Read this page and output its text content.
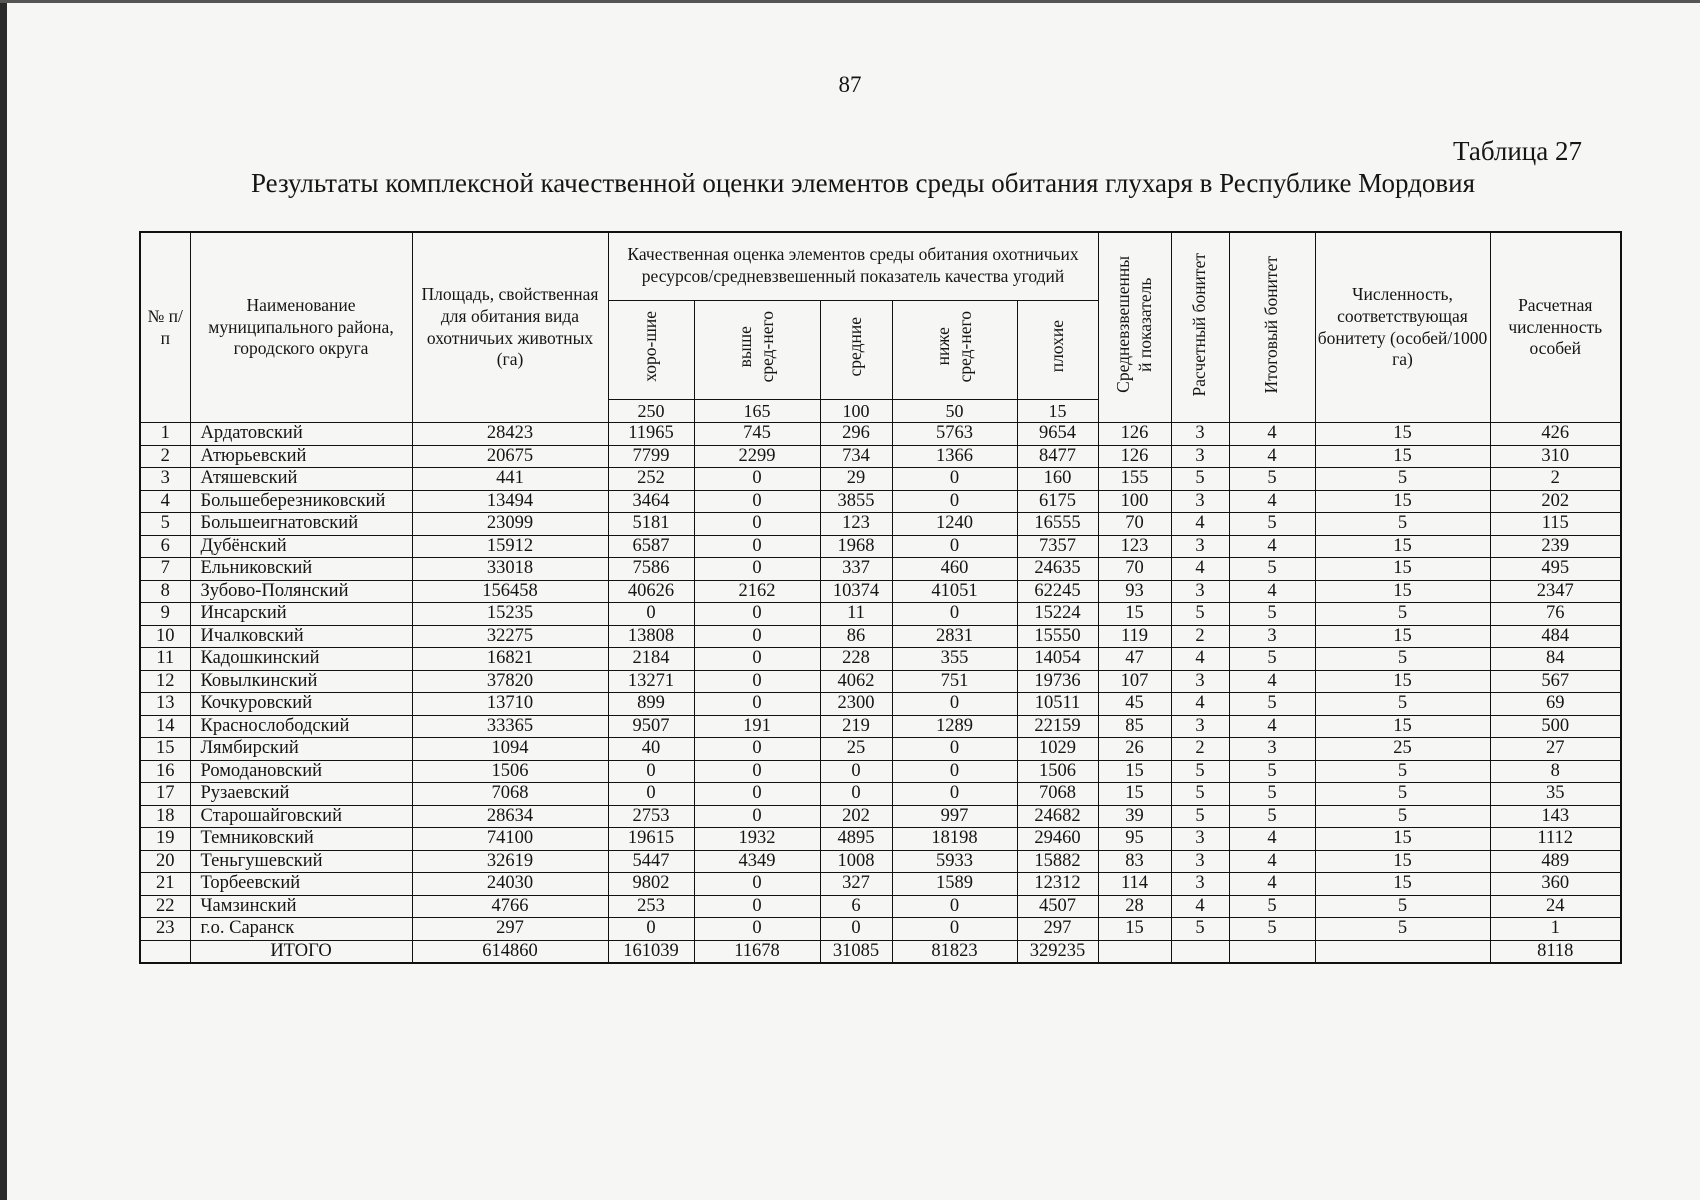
87
Таблица 27
Результаты комплексной качественной оценки элементов среды обитания глухаря в Республике Мордовия
№ п/п	Наименование муниципального района, городского округа	Площадь, свойственная для обитания вида охотничьих животных (га)	Качественная оценка элементов среды обитания охотничьих ресурсов/средневзвешенный показатель качества угодий					Средневзвешенны й показатель	Расчетный бонитет	Итоговый бонитет	Численность, соответствующая бонитету (особей/1000 га)	Расчетная численность особей
			хоро-шие	выше сред-него	средние	ниже сред-него	плохие					
			250	165	100	50	15					
1	Ардатовский	28423	11965	745	296	5763	9654	126	3	4	15	426
2	Атюрьевский	20675	7799	2299	734	1366	8477	126	3	4	15	310
3	Атяшевский	441	252	0	29	0	160	155	5	5	5	2
4	Большеберезниковский	13494	3464	0	3855	0	6175	100	3	4	15	202
5	Большеигнатовский	23099	5181	0	123	1240	16555	70	4	5	5	115
6	Дубёнский	15912	6587	0	1968	0	7357	123	3	4	15	239
7	Ельниковский	33018	7586	0	337	460	24635	70	4	5	15	495
8	Зубово-Полянский	156458	40626	2162	10374	41051	62245	93	3	4	15	2347
9	Инсарский	15235	0	0	11	0	15224	15	5	5	5	76
10	Ичалковский	32275	13808	0	86	2831	15550	119	2	3	15	484
11	Кадошкинский	16821	2184	0	228	355	14054	47	4	5	5	84
12	Ковылкинский	37820	13271	0	4062	751	19736	107	3	4	15	567
13	Кочкуровский	13710	899	0	2300	0	10511	45	4	5	5	69
14	Краснослободский	33365	9507	191	219	1289	22159	85	3	4	15	500
15	Лямбирский	1094	40	0	25	0	1029	26	2	3	25	27
16	Ромодановский	1506	0	0	0	0	1506	15	5	5	5	8
17	Рузаевский	7068	0	0	0	0	7068	15	5	5	5	35
18	Старошайговский	28634	2753	0	202	997	24682	39	5	5	5	143
19	Темниковский	74100	19615	1932	4895	18198	29460	95	3	4	15	1112
20	Теньгушевский	32619	5447	4349	1008	5933	15882	83	3	4	15	489
21	Торбеевский	24030	9802	0	327	1589	12312	114	3	4	15	360
22	Чамзинский	4766	253	0	6	0	4507	28	4	5	5	24
23	г.о. Саранск	297	0	0	0	0	297	15	5	5	5	1
	ИТОГО	614860	161039	11678	31085	81823	329235					8118
